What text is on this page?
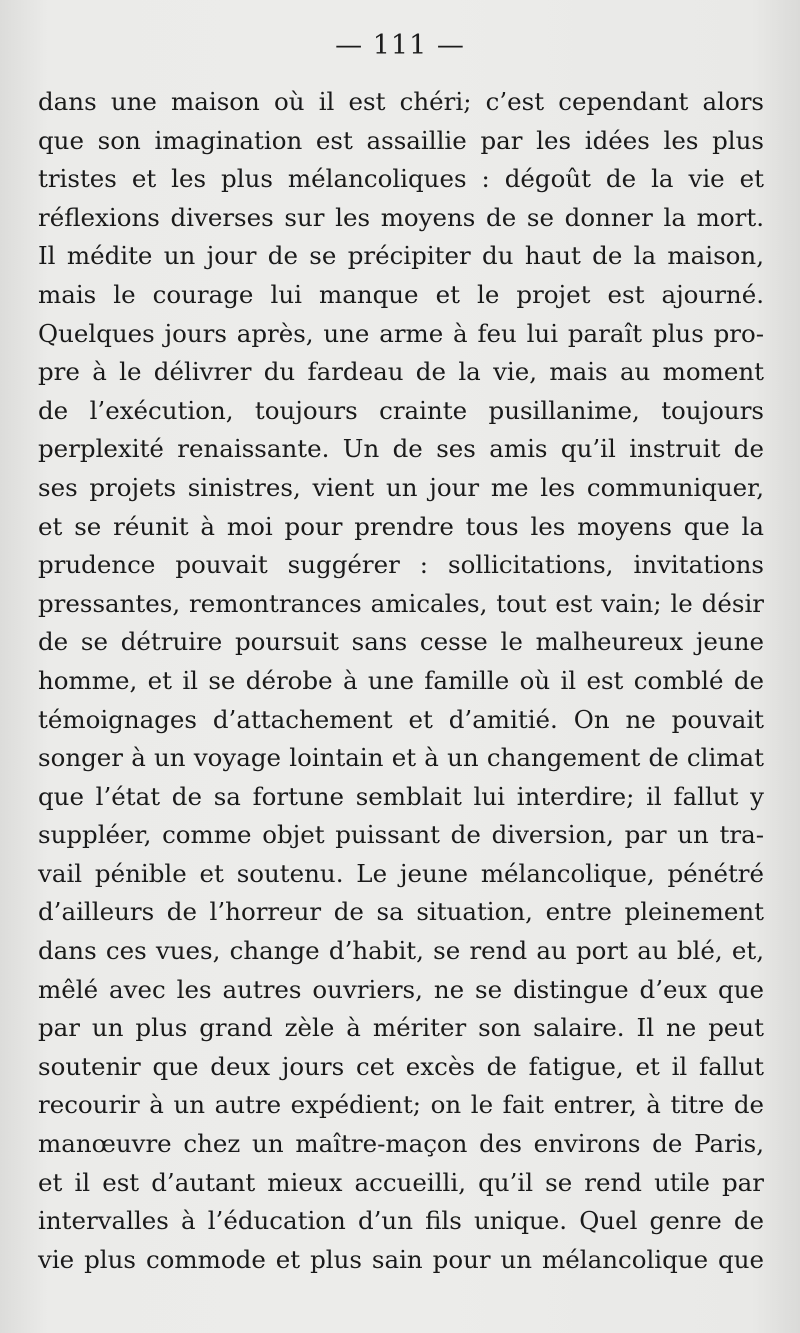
— 111 —
dans une maison où il est chéri; c’est cependant alors
que son imagination est assaillie par les idées les plus
tristes et les plus mélancoliques : dégoût de la vie et
réflexions diverses sur les moyens de se donner la mort.
Il médite un jour de se précipiter du haut de la maison,
mais le courage lui manque et le projet est ajourné.
Quelques jours après, une arme à feu lui paraît plus pro-
pre à le délivrer du fardeau de la vie, mais au moment
de l’exécution, toujours crainte pusillanime, toujours
perplexité renaissante. Un de ses amis qu’il instruit de
ses projets sinistres, vient un jour me les communiquer,
et se réunit à moi pour prendre tous les moyens que la
prudence pouvait suggérer : sollicitations, invitations
pressantes, remontrances amicales, tout est vain; le désir
de se détruire poursuit sans cesse le malheureux jeune
homme, et il se dérobe à une famille où il est comblé de
témoignages d’attachement et d’amitié. On ne pouvait
songer à un voyage lointain et à un changement de climat
que l’état de sa fortune semblait lui interdire; il fallut y
suppléer, comme objet puissant de diversion, par un tra-
vail pénible et soutenu. Le jeune mélancolique, pénétré
d’ailleurs de l’horreur de sa situation, entre pleinement
dans ces vues, change d’habit, se rend au port au blé, et,
mêlé avec les autres ouvriers, ne se distingue d’eux que
par un plus grand zèle à mériter son salaire. Il ne peut
soutenir que deux jours cet excès de fatigue, et il fallut
recourir à un autre expédient; on le fait entrer, à titre de
manœuvre chez un maître-maçon des environs de Paris,
et il est d’autant mieux accueilli, qu’il se rend utile par
intervalles à l’éducation d’un fils unique. Quel genre de
vie plus commode et plus sain pour un mélancolique que
